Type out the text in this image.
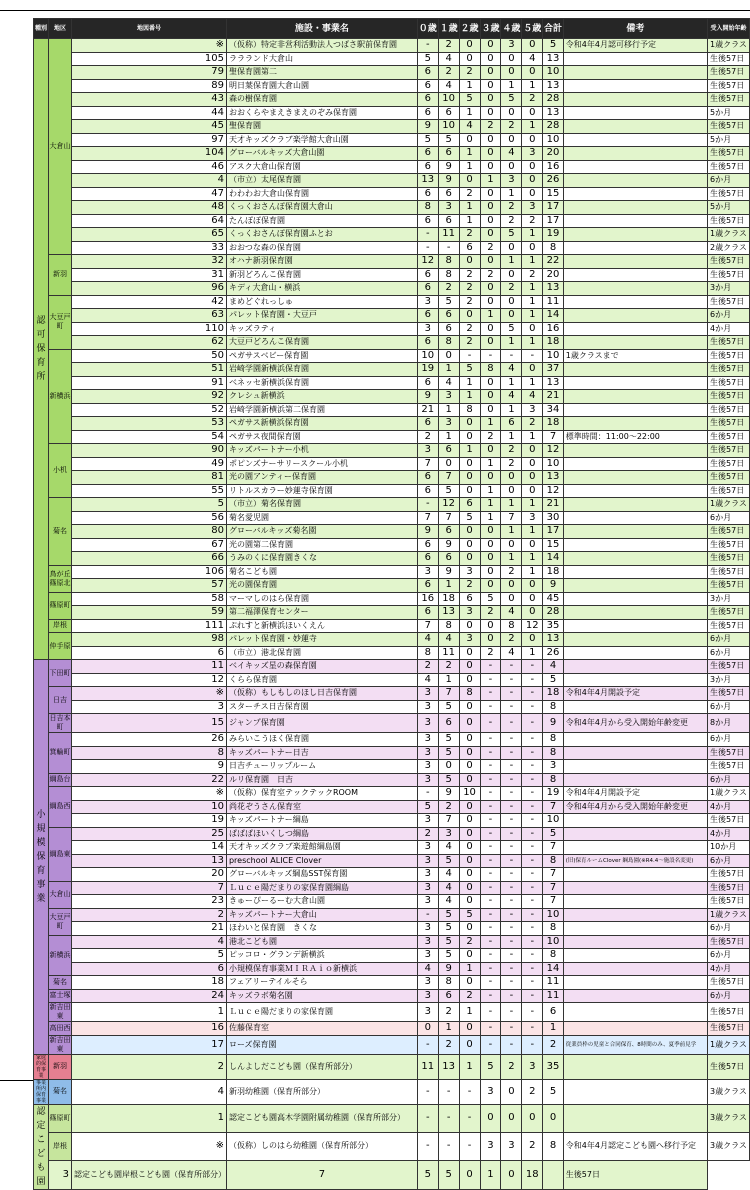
種別	地区	地図番号	施設・事業名	０歳	１歳	２歳	３歳	４歳	５歳	合計	備考	受入開始年齢
認 可 保 育 所	大倉山	※	（仮称）特定非営利活動法人つばさ駅前保育園	-	2	0	0	3	0	5	令和4年4月認可移行予定	1歳クラス
		105	ララランド大倉山	5	4	0	0	0	4	13		生後57日
		79	聖保育園第二	6	2	2	0	0	0	10		生後57日
		89	明日葉保育園大倉山園	6	4	1	0	1	1	13		生後57日
		43	森の樹保育園	6	10	5	0	5	2	28		生後57日
		44	おおくらやまえきまえのぞみ保育園	6	6	1	0	0	0	13		5か月
		45	聖保育園	9	10	4	2	2	1	28		生後57日
		97	天才キッズクラブ楽学館大倉山園	5	5	0	0	0	0	10		5か月
		104	グローバルキッズ大倉山園	6	6	1	0	4	3	20		生後57日
		46	アスク大倉山保育園	6	9	1	0	0	0	16		生後57日
		4	（市立）太尾保育園	13	9	0	1	3	0	26		6か月
		47	わわわお大倉山保育園	6	6	2	0	1	0	15		生後57日
		48	くっくおさんぽ保育園大倉山	8	3	1	0	2	3	17		5か月
		64	たんぽぽ保育園	6	6	1	0	2	2	17		生後57日
		65	くっくおさんぽ保育園ふとお	-	11	2	0	5	1	19		1歳クラス
		33	おおつな森の保育園	-	-	6	2	0	0	8		2歳クラス
	新羽	32	オハナ新羽保育園	12	8	0	0	1	1	22		生後57日
		31	新羽どろんこ保育園	6	8	2	2	0	2	20		生後57日
		96	キディ大倉山・横浜	6	2	2	0	2	1	13		3か月
	大豆戸町	42	まめどぐれっしゅ	3	5	2	0	0	1	11		生後57日
		63	パレット保育園・大豆戸	6	6	0	1	0	1	14		6か月
		110	キッズラティ	3	6	2	0	5	0	16		4か月
		62	大豆戸どろんこ保育園	6	8	2	0	1	1	18		生後57日
	新横浜	50	ペガサスベビー保育園	10	0	-	-	-	-	10	1歳クラスまで	生後57日
		51	岩崎学園新横浜保育園	19	1	5	8	4	0	37		生後57日
		91	ベネッセ新横浜保育園	6	4	1	0	1	1	13		生後57日
		92	クレシュ新横浜	9	3	1	0	4	4	21		生後57日
		52	岩崎学園新横浜第二保育園	21	1	8	0	1	3	34		生後57日
		53	ペガサス新横浜保育園	6	3	0	1	6	2	18		生後57日
		54	ペガサス夜間保育園	2	1	0	2	1	1	7	標準時間：11:00～22:00	生後57日
	小机	90	キッズパートナー小机	3	6	1	0	2	0	12		生後57日
		49	ポピンズナーサリースクール小机	7	0	0	1	2	0	10		生後57日
		81	光の園アンティー保育園	6	7	0	0	0	0	13		生後57日
		55	リトルスカラー妙蓮寺保育園	6	5	0	1	0	0	12		生後57日
	菊名	5	（市立）菊名保育園	-	12	6	1	1	1	21		1歳クラス
		56	菊名愛児園	7	7	5	1	7	3	30		6か月
		80	グローバルキッズ菊名園	9	6	0	0	1	1	17		生後57日
		67	光の園第二保育園	6	9	0	0	0	0	15		生後57日
		66	うみのくに保育園きくな	6	6	0	0	1	1	14		生後57日
	鳥が丘 篠原北	106	菊名こども園	3	9	3	0	2	1	18		生後57日
		57	光の園保育園	6	1	2	0	0	0	9		生後57日
	篠原町	58	マーマしのはら保育園	16	18	6	5	0	0	45		3か月
		59	第二福澤保育センター	6	13	3	2	4	0	28		生後57日
	岸根	111	ぷれすと新横浜ほいくえん	7	8	0	0	8	12	35		生後57日
	仲手原	98	パレット保育園・妙蓮寺	4	4	3	0	2	0	13		6か月
		6	（市立）港北保育園	8	11	0	2	4	1	26		6か月
小 規 模 保 育 事 業	下田町	11	ベイキッズ星の森保育園	2	2	0	-	-	-	4		生後57日
		12	くらら保育園	4	1	0	-	-	-	5		3か月
	日吉	※	（仮称）もしもしのほし日吉保育園	3	7	8	-	-	-	18	令和4年4月開設予定	生後57日
		3	スターチス日吉保育園	3	5	0	-	-	-	8		6か月
	日吉本町	15	ジャンプ保育園	3	6	0	-	-	-	9	令和4年4月から受入開始年齢変更	8か月
	箕輪町	26	みらいこうほく保育園	3	5	0	-	-	-	8		6か月
		8	キッズパートナー日吉	3	5	0	-	-	-	8		生後57日
		9	日吉チューリップルーム	3	0	0	-	-	-	3		生後57日
	綱島台	22	ルリ保育園　日吉	3	5	0	-	-	-	8		6か月
	綱島西	※	（仮称）保育室テックテックROOM	-	9	10	-	-	-	19	令和4年4月開設予定	1歳クラス
		10	尚花ぞうさん保育室	5	2	0	-	-	-	7	令和4年4月から受入開始年齢変更	4か月
		19	キッズパートナー綱島	3	7	0	-	-	-	10		生後57日
	綱島東	25	ぱぱぱほいくしつ綱島	2	3	0	-	-	-	5		4か月
		14	天才キッズクラブ楽遊館綱島園	3	4	0	-	-	-	7		10か月
		13	preschool ALICE Clover	3	5	0	-	-	-	8	(旧)保育ルームClover 綱島園(※R4.4～施設名変更)	6か月
		20	グローバルキッズ綱島SST保育園	3	4	0	-	-	-	7		生後57日
	大倉山	7	Ｌｕｃｅ陽だまりの家保育園綱島	3	4	0	-	-	-	7		生後57日
		23	きゅーぴーるーむ大倉山園	3	4	0	-	-	-	7		生後57日
	大豆戸町	2	キッズパートナー大倉山	-	5	5	-	-	-	10		1歳クラス
		21	ほわいと保育園　きくな	3	5	0	-	-	-	8		6か月
	新横浜	4	港北こども園	3	5	2	-	-	-	10		生後57日
		5	ピッコロ・グランデ新横浜	3	5	0	-	-	-	8		6か月
		6	小規模保育事業ＭＩＲＡｉｏ新横浜	4	9	1	-	-	-	14		4か月
	菊名	18	フェアリーテイルそら	3	8	0	-	-	-	11		生後57日
	富士塚	24	キッズラボ菊名園	3	6	2	-	-	-	11		6か月
	新吉田東	1	Ｌｕｃｅ陽だまりの家保育園	3	2	1	-	-	-	6		生後57日
	高田西	16	佐藤保育室	0	1	0	-	-	-	1		生後57日
	新吉田東	17	ローズ保育園	-	2	0	-	-	-	2	従業員枠の児童と合同保育、8時間のみ、夏季前見学	1歳クラス
家庭的保育事業	新羽	2	しんよしだこども園（保育所部分）	11	13	1	5	2	3	35		生後57日
事業所内保育事業	菊名	4	新羽幼稚園（保育所部分）	-	-	-	3	0	2	5		3歳クラス
認定こども園	篠原町	1	認定こども園高木学園附属幼稚園（保育所部分）	-	-	-	0	0	0	0		3歳クラス
	岸根	※	（仮称）しのはら幼稚園（保育所部分）	-	-	-	3	3	2	8	令和4年4月認定こども園へ移行予定	3歳クラス
	3	認定こども園岸根こども園（保育所部分）	7	5	5	0	1	0	18		生後57日	
